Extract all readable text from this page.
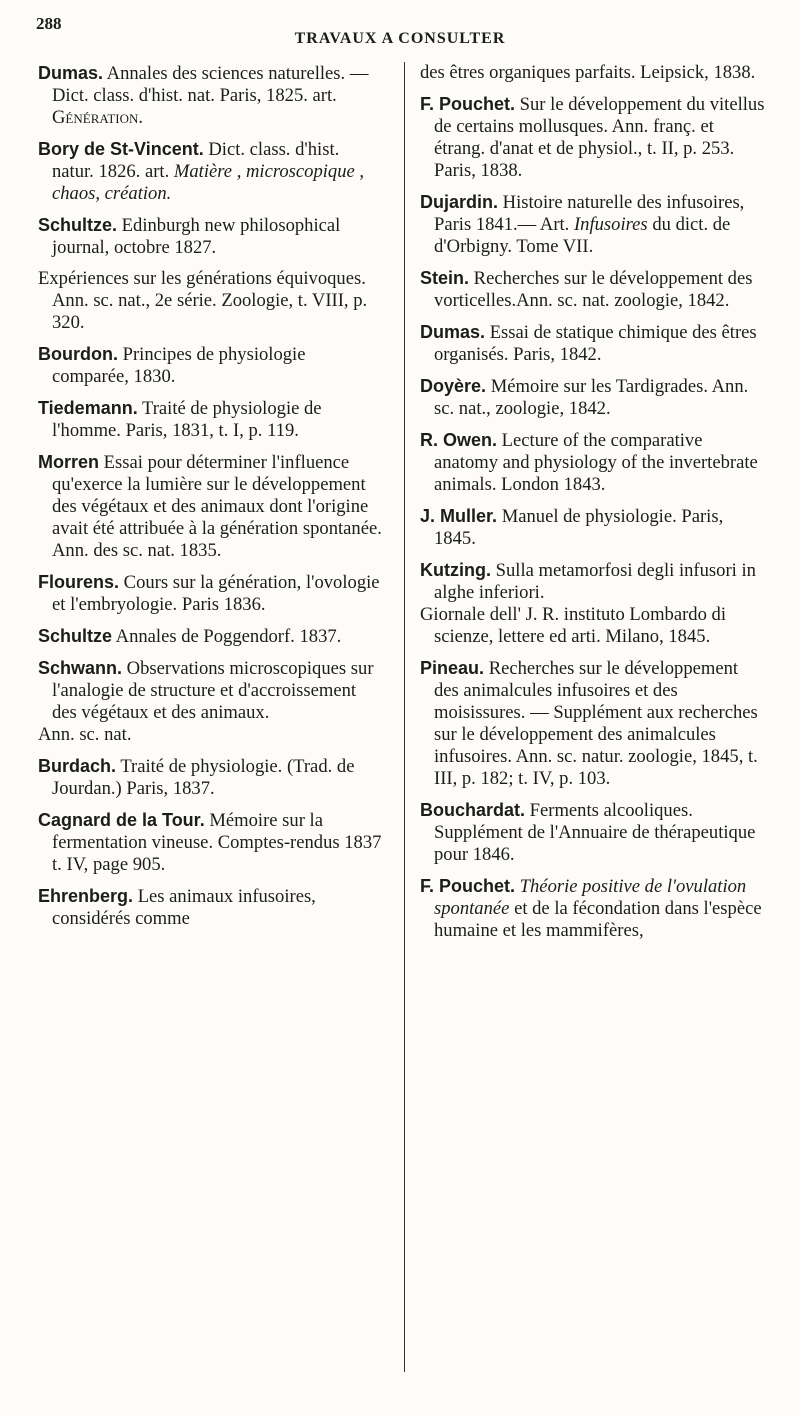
288
TRAVAUX A CONSULTER
Dumas. Annales des sciences naturelles. — Dict. class. d'hist. nat. Paris, 1825. art. Génération.
Bory de St-Vincent. Dict. class. d'hist. natur. 1826. art. Matière , microscopique , chaos, création.
Schultze. Edinburgh new philosophical journal, octobre 1827.
Expériences sur les générations équivoques. Ann. sc. nat., 2e série. Zoologie, t. VIII, p. 320.
Bourdon. Principes de physiologie comparée, 1830.
Tiedemann. Traité de physiologie de l'homme. Paris, 1831, t. I, p. 119.
Morren Essai pour déterminer l'influence qu'exerce la lumière sur le développement des végétaux et des animaux dont l'origine avait été attribuée à la génération spontanée. Ann. des sc. nat. 1835.
Flourens. Cours sur la génération, l'ovologie et l'embryologie. Paris 1836.
Schultze Annales de Poggendorf. 1837.

Schwann. Observations microscopiques sur l'analogie de structure et d'accroissement des végétaux et des animaux.

Ann. sc. nat.

Burdach. Traité de physiologie. (Trad. de Jourdan.) Paris, 1837.
Cagnard de la Tour. Mémoire sur la fermentation vineuse. Comptes-rendus 1837 t. IV, page 905.
Ehrenberg. Les animaux infusoires, considérés comme
des êtres organiques parfaits. Leipsick, 1838.
F. Pouchet. Sur le développement du vitellus de certains mollusques. Ann. franç. et étrang. d'anat et de physiol., t. II, p. 253. Paris, 1838.
Dujardin. Histoire naturelle des infusoires, Paris 1841.— Art. Infusoires du dict. de d'Orbigny. Tome VII.
Stein. Recherches sur le développement des vorticelles.Ann. sc. nat. zoologie, 1842.
Dumas. Essai de statique chimique des êtres organisés. Paris, 1842.
Doyère. Mémoire sur les Tardigrades. Ann. sc. nat., zoologie, 1842.
R. Owen. Lecture of the comparative anatomy and physiology of the invertebrate animals. London 1843.
J. Muller. Manuel de physiologie. Paris, 1845.

Kutzing. Sulla metamorfosi degli infusori in alghe inferiori.

Giornale dell' J. R. instituto Lombardo di scienze, lettere ed arti. Milano, 1845.

Pineau. Recherches sur le développement des animalcules infusoires et des moisissures. — Supplément aux recherches sur le développement des animalcules infusoires. Ann. sc. natur. zoologie, 1845, t. III, p. 182; t. IV, p. 103.
Bouchardat. Ferments alcooliques. Supplément de l'Annuaire de thérapeutique pour 1846.
F. Pouchet. Théorie positive de l'ovulation spontanée et de la fécondation dans l'espèce humaine et les mammifères,
